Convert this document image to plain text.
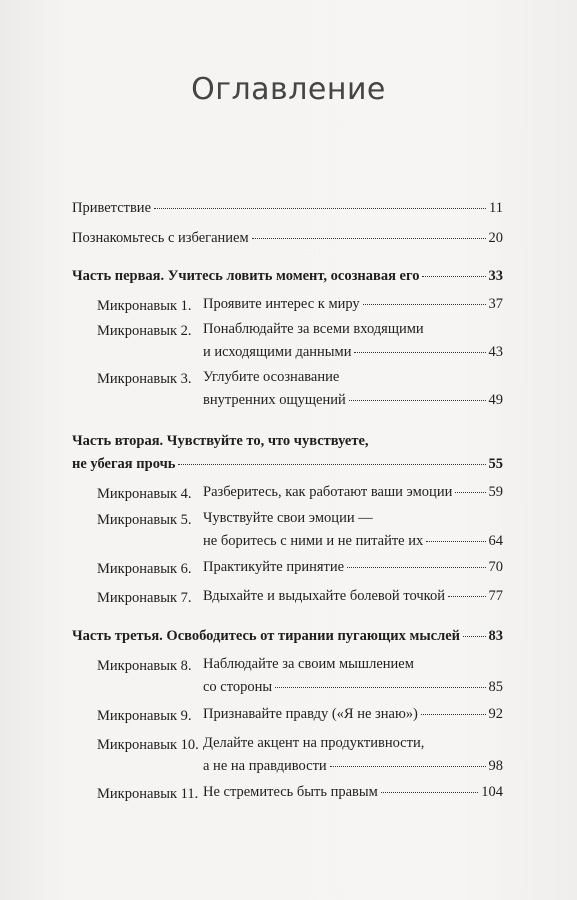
Оглавление
Приветствие	11
Познакомьтесь с избеганием	20
Часть первая. Учитесь ловить момент, осознавая его	33
Микронавык 1. Проявите интерес к миру	37
Микронавык 2. Понаблюдайте за всеми входящими
и исходящими данными	43
Микронавык 3. Углубите осознавание
внутренних ощущений	49
Часть вторая. Чувствуйте то, что чувствуете,
не убегая прочь	55
Микронавык 4. Разберитесь, как работают ваши эмоции 59
Микронавык 5. Чувствуйте свои эмоции —
не боритесь с ними и не питайте их	64
Микронавык 6. Практикуйте принятие	70
Микронавык 7. Вдыхайте и выдыхайте болевой точкой	77
Часть третья. Освободитесь от тирании пугающих мыслей 83
Микронавык 8. Наблюдайте за своим мышлением
со стороны	85
Микронавык 9. Признавайте правду («Я не знаю»)	92
Микронавык 10. Делайте акцент на продуктивности,
а не на правдивости	98
Микронавык 11. Не стремитесь быть правым	104
